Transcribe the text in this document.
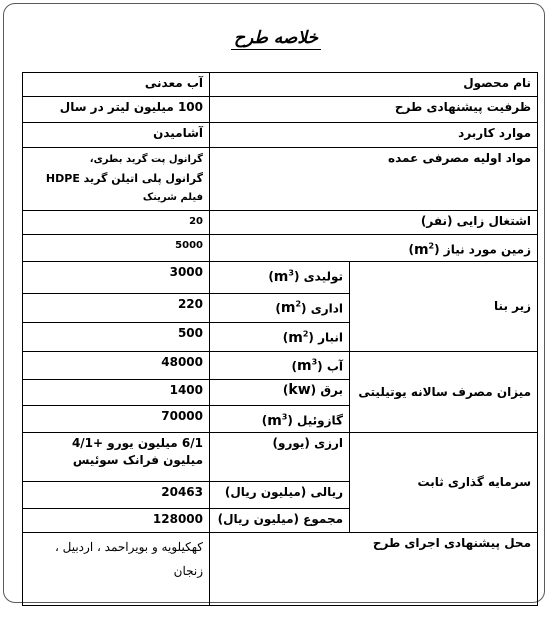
خلاصه طرح
نام محصول		آب معدنی
ظرفیت پیشنهادی طرح		100 میلیون لیتر در سال
موارد کاربرد		آشامیدن
مواد اولیه مصرفی عمده		گرانول پت گرید بطری،
گرانول پلی اتیلن گرید HDPE
فیلم شرینک

اشتغال زایی (نفر)		20
زمین مورد نیاز $(m^2)$		5000
زیر بنا	تولیدی $(m^3)$	3000
	اداری $(m^2)$	220
	انبار $(m^2)$	500
میزان مصرف سالانه یوتیلیتی	آب $(m^3)$	48000
	برق (kw)	1400
	گازوئیل $(m^3)$	70000
سرمایه گذاری ثابت	ارزی (یورو)	6/1 میلیون یورو +4/1 میلیون فرانک سوئیس
	ریالی (میلیون ریال)	20463
	مجموع (میلیون ریال)	128000
محل پیشنهادی اجرای طرح		کهکیلویه و بویراحمد ، اردبیل ، زنجان
